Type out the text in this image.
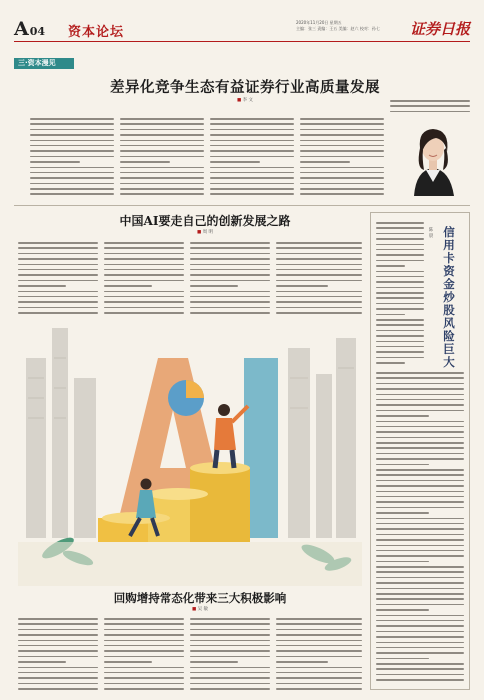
A04 资本论坛
2020年11月20日 星期五
主编：张三 责编：王五 美编：赵六 校对：孙七	证券日报
三·资本漫见
差异化竞争生态有益证券行业高质量发展
■ 李 文
中国AI要走自己的创新发展之路
■ 周 明
回购增持常态化带来三大积极影响
■ 吴 敏
信用卡资金炒股风险巨大
陈 晨
